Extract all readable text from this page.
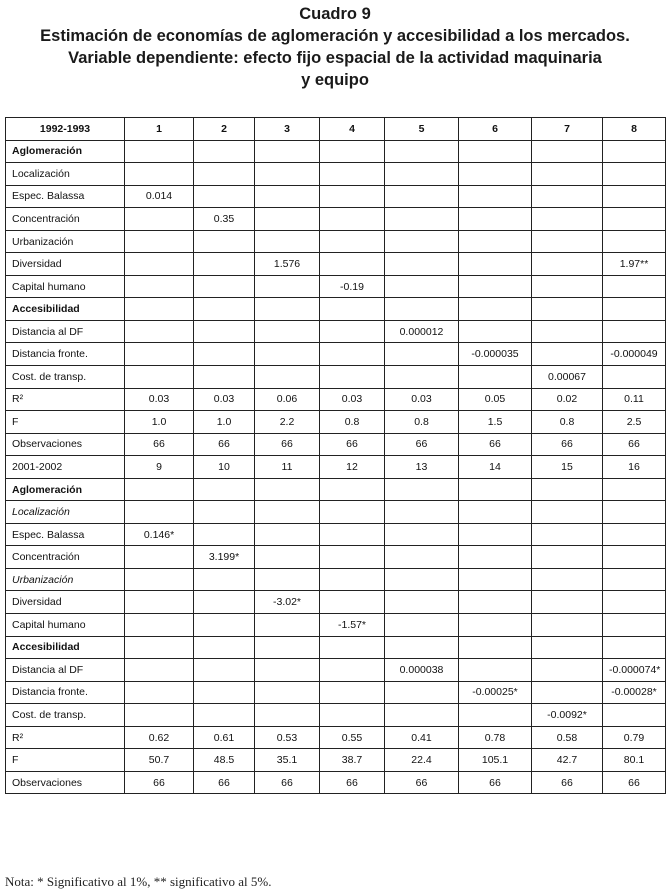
Cuadro 9
Estimación de economías de aglomeración y accesibilidad a los mercados.
Variable dependiente: efecto fijo espacial de la actividad maquinaria
y equipo
1992-1993	1	2	3	4	5	6	7	8
Aglomeración								
Localización								
Espec. Balassa	0.014							
Concentración		0.35						
Urbanización								
Diversidad			1.576					1.97**
Capital humano				-0.19				
Accesibilidad								
Distancia al DF					0.000012			
Distancia fronte.						-0.000035		-0.000049
Cost. de transp.							0.00067	
R²	0.03	0.03	0.06	0.03	0.03	0.05	0.02	0.11
F	1.0	1.0	2.2	0.8	0.8	1.5	0.8	2.5
Observaciones	66	66	66	66	66	66	66	66
2001-2002	9	10	11	12	13	14	15	16
Aglomeración								
Localización								
Espec. Balassa	0.146*							
Concentración		3.199*						
Urbanización								
Diversidad			-3.02*					
Capital humano				-1.57*				
Accesibilidad								
Distancia al DF					0.000038			-0.000074*
Distancia fronte.						-0.00025*		-0.00028*
Cost. de transp.							-0.0092*	
R²	0.62	0.61	0.53	0.55	0.41	0.78	0.58	0.79
F	50.7	48.5	35.1	38.7	22.4	105.1	42.7	80.1
Observaciones	66	66	66	66	66	66	66	66
Nota: * Significativo al 1%, ** significativo al 5%.
